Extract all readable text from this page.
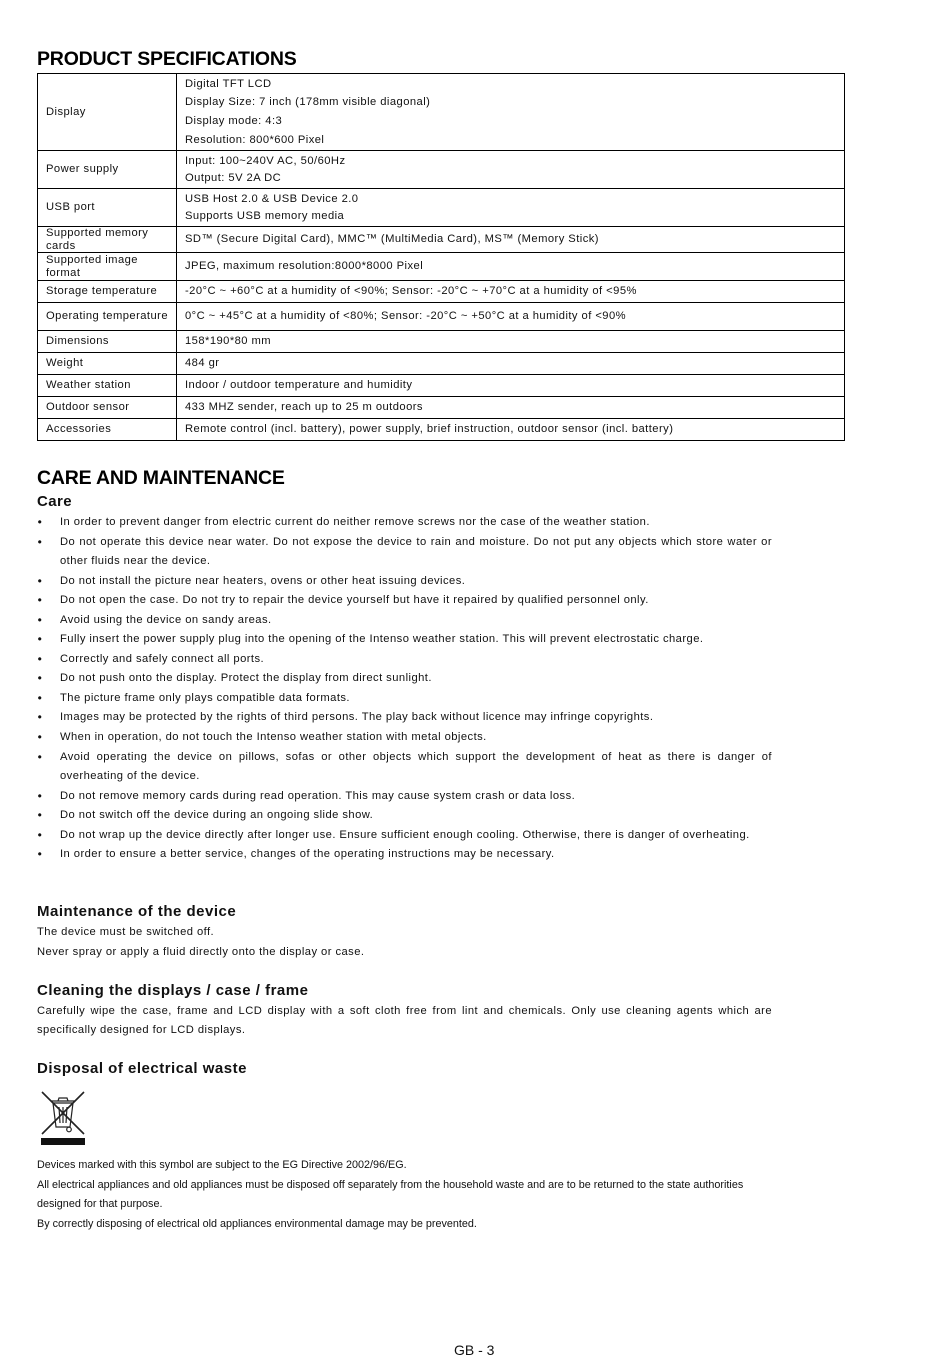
PRODUCT SPECIFICATIONS
Display	Digital TFT LCD
Display Size: 7 inch (178mm visible diagonal)
Display mode: 4:3
Resolution: 800*600 Pixel

Power supply	Input: 100~240V AC, 50/60Hz
Output: 5V 2A DC

USB port	USB Host 2.0 & USB Device 2.0
Supports USB memory media

Supported memory cards	SD™ (Secure Digital Card), MMC™ (MultiMedia Card), MS™ (Memory Stick)

Supported image format	JPEG, maximum resolution:8000*8000 Pixel

Storage temperature	-20°C ~ +60°C at a humidity of <90%; Sensor: -20°C ~ +70°C at a humidity of <95%

Operating temperature	0°C ~ +45°C at a humidity of <80%; Sensor: -20°C ~ +50°C at a humidity of <90%

Dimensions	158*190*80 mm

Weight	484 gr

Weather station	Indoor / outdoor temperature and humidity

Outdoor sensor	433 MHZ sender, reach up to 25 m outdoors

Accessories	Remote control (incl. battery), power supply, brief instruction, outdoor sensor (incl. battery)
CARE AND MAINTENANCE
Care
• In order to prevent danger from electric current do neither remove screws nor the case of the weather station.
• Do not operate this device near water. Do not expose the device to rain and moisture. Do not put any objects which store water or other fluids near the device.
• Do not install the picture near heaters, ovens or other heat issuing devices.
• Do not open the case. Do not try to repair the device yourself but have it repaired by qualified personnel only.
• Avoid using the device on sandy areas.
• Fully insert the power supply plug into the opening of the Intenso weather station. This will prevent electrostatic charge.
• Correctly and safely connect all ports.
• Do not push onto the display. Protect the display from direct sunlight.
• The picture frame only plays compatible data formats.
• Images may be protected by the rights of third persons. The play back without licence may infringe copyrights.
• When in operation, do not touch the Intenso weather station with metal objects.
• Avoid operating the device on pillows, sofas or other objects which support the development of heat as there is danger of overheating of the device.
• Do not remove memory cards during read operation. This may cause system crash or data loss.
• Do not switch off the device during an ongoing slide show.
• Do not wrap up the device directly after longer use. Ensure sufficient enough cooling. Otherwise, there is danger of overheating.
• In order to ensure a better service, changes of the operating instructions may be necessary.
Maintenance of the device

The device must be switched off.

Never spray or apply a fluid directly onto the display or case.

Cleaning the displays / case / frame

Carefully wipe the case, frame and LCD display with a soft cloth free from lint and chemicals. Only use cleaning agents which are specifically designed for LCD displays.

Disposal of electrical waste
Devices marked with this symbol are subject to the EG Directive 2002/96/EG.
All electrical appliances and old appliances must be disposed off separately from the household waste and are to be returned to the state authorities designed for that purpose.
By correctly disposing of electrical old appliances environmental damage may be prevented.

GB - 3
